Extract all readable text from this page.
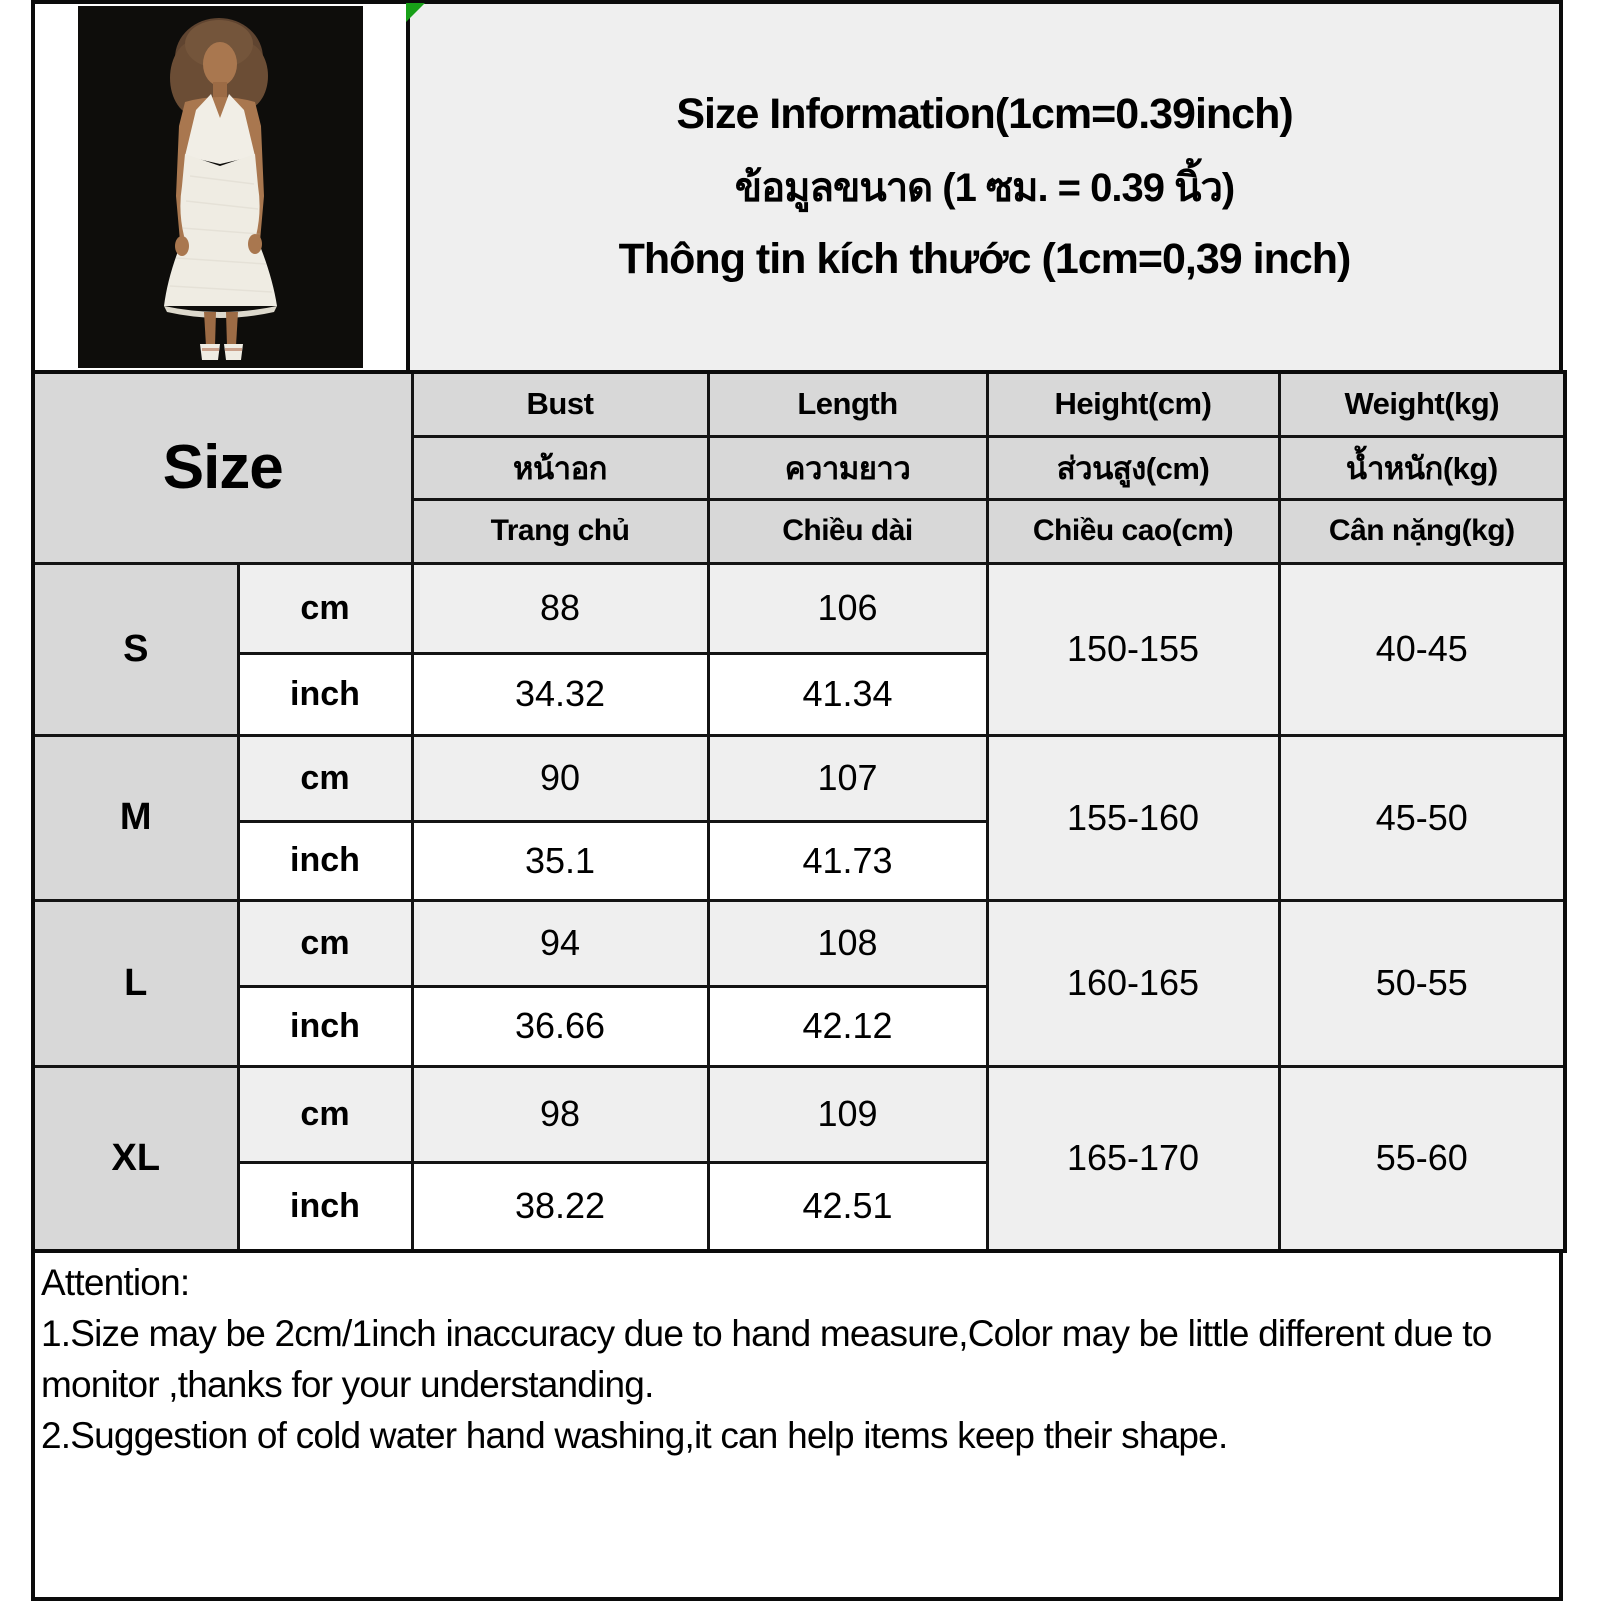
Size Information(1cm=0.39inch)
ข้อมูลขนาด (1 ซม. = 0.39 นิ้ว)
Thông tin kích thước (1cm=0,39 inch)
Size		Bust	Length	Height(cm)	Weight(kg)
		หน้าอก	ความยาว	ส่วนสูง(cm)	น้ำหนัก(kg)
		Trang chủ	Chiều dài	Chiều cao(cm)	Cân nặng(kg)
S	cm	88	106	150-155	40-45
	inch	34.32	41.34		
M	cm	90	107	155-160	45-50
	inch	35.1	41.73		
L	cm	94	108	160-165	50-55
	inch	36.66	42.12		
XL	cm	98	109	165-170	55-60
	inch	38.22	42.51		
Attention:
1.Size may be 2cm/1inch inaccuracy due to hand measure,Color may be little different due to monitor ,thanks for your understanding.
2.Suggestion of cold water hand washing,it can help items keep their shape.
